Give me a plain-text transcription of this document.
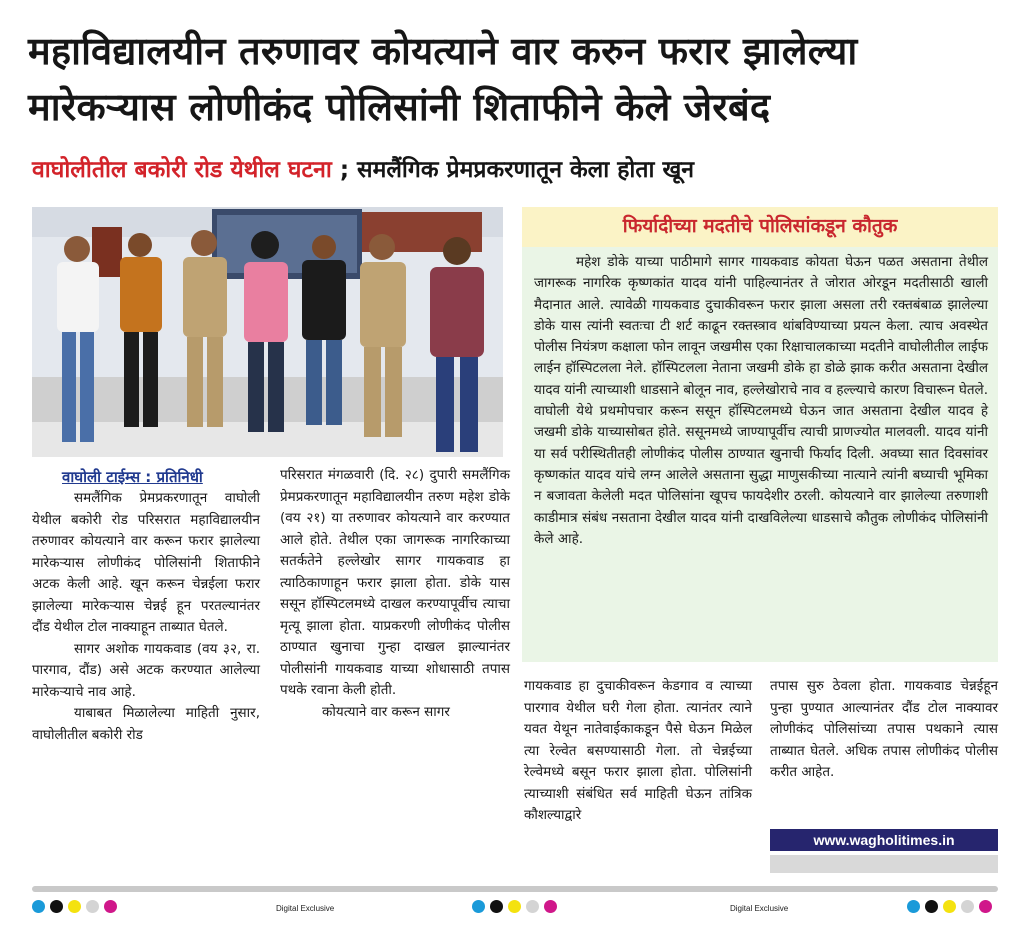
महाविद्यालयीन तरुणावर कोयत्याने वार करुन फरार झालेल्या
मारेकऱ्यास लोणीकंद पोलिसांनी शिताफीने केले जेरबंद
वाघोलीतील बकोरी रोड येथील घटना ; समलैंगिक प्रेमप्रकरणातून केला होता खून
वाघोली टाईम्स : प्रतिनिधी

समलैंगिक प्रेमप्रकरणातून वाघोली येथील बकोरी रोड परिसरात महाविद्यालयीन तरुणावर कोयत्याने वार करून फरार झालेल्या मारेकऱ्यास लोणीकंद पोलिसांनी शिताफीने अटक केली आहे. खून करून चेन्नईला फरार झालेल्या मारेकऱ्यास चेन्नई हून परतल्यानंतर दौंड येथील टोल नाक्याहून ताब्यात घेतले.

सागर अशोक गायकवाड (वय ३२, रा. पारगाव, दौंड) असे अटक करण्यात आलेल्या मारेकऱ्याचे नाव आहे.

याबाबत मिळालेल्या माहिती नुसार, वाघोलीतील बकोरी रोड

परिसरात मंगळवारी (दि. २८) दुपारी समलैंगिक प्रेमप्रकरणातून महाविद्यालयीन तरुण महेश डोके (वय २१) या तरुणावर कोयत्याने वार करण्यात आले होते. तेथील एका जागरूक नागरिकाच्या सतर्कतेने हल्लेखोर सागर गायकवाड हा त्याठिकाणाहून फरार झाला होता. डोके यास ससून हॉस्पिटलमध्ये दाखल करण्यापूर्वीच त्याचा मृत्यू झाला होता. याप्रकरणी लोणीकंद पोलीस ठाण्यात खुनाचा गुन्हा दाखल झाल्यानंतर पोलीसांनी गायकवाड याच्या शोधासाठी तपास पथके रवाना केली होती.

कोयत्याने वार करून सागर

फिर्यादीच्या मदतीचे पोलिसांकडून कौतुक
महेश डोके याच्या पाठीमागे सागर गायकवाड कोयता घेऊन पळत असताना तेथील जागरूक नागरिक कृष्णकांत यादव यांनी पाहिल्यानंतर ते जोरात ओरडून मदतीसाठी खाली मैदानात आले. त्यावेळी गायकवाड दुचाकीवरून फरार झाला असला तरी रक्तबंबाळ झालेल्या डोके यास त्यांनी स्वतःचा टी शर्ट काढून रक्तस्त्राव थांबविण्याच्या प्रयत्न केला. त्याच अवस्थेत पोलीस नियंत्रण कक्षाला फोन लावून जखमीस एका रिक्षाचालकाच्या मदतीने वाघोलीतील लाईफ लाईन हॉस्पिटलला नेले. हॉस्पिटलला नेताना जखमी डोके हा डोळे झाक करीत असताना देखील यादव यांनी त्याच्याशी धाडसाने बोलून नाव, हल्लेखोराचे नाव व हल्ल्याचे कारण विचारून घेतले. वाघोली येथे प्रथमोपचार करून ससून हॉस्पिटलमध्ये घेऊन जात असताना देखील यादव हे जखमी डोके याच्यासोबत होते. ससूनमध्ये जाण्यापूर्वीच त्याची प्राणज्योत मालवली. यादव यांनी या सर्व परीस्थितीतही लोणीकंद पोलीस ठाण्यात खुनाची फिर्याद दिली. अवघ्या सात दिवसांवर कृष्णकांत यादव यांचे लग्न आलेले असताना सुद्धा माणुसकीच्या नात्याने त्यांनी बघ्याची भूमिका न बजावता केलेली मदत पोलिसांना खूपच फायदेशीर ठरली. कोयत्याने वार झालेल्या तरुणाशी काडीमात्र संबंध नसताना देखील यादव यांनी दाखविलेल्या धाडसाचे कौतुक लोणीकंद पोलिसांनी केले आहे.

गायकवाड हा दुचाकीवरून केडगाव व त्याच्या पारगाव येथील घरी गेला होता. त्यानंतर त्याने यवत येथून नातेवाईकाकडून पैसे घेऊन मिळेल त्या रेल्वेत बसण्यासाठी गेला. तो चेन्नईच्या रेल्वेमध्ये बसून फरार झाला होता. पोलिसांनी त्याच्याशी संबंधित सर्व माहिती घेऊन तांत्रिक कौशल्याद्वारे

तपास सुरु ठेवला होता. गायकवाड चेन्नईहून पुन्हा पुण्यात आल्यानंतर दौंड टोल नाक्यावर लोणीकंद पोलिसांच्या तपास पथकाने त्यास ताब्यात घेतले. अधिक तपास लोणीकंद पोलीस करीत आहेत.

www.wagholitimes.in
Digital Exclusive	Digital Exclusive
